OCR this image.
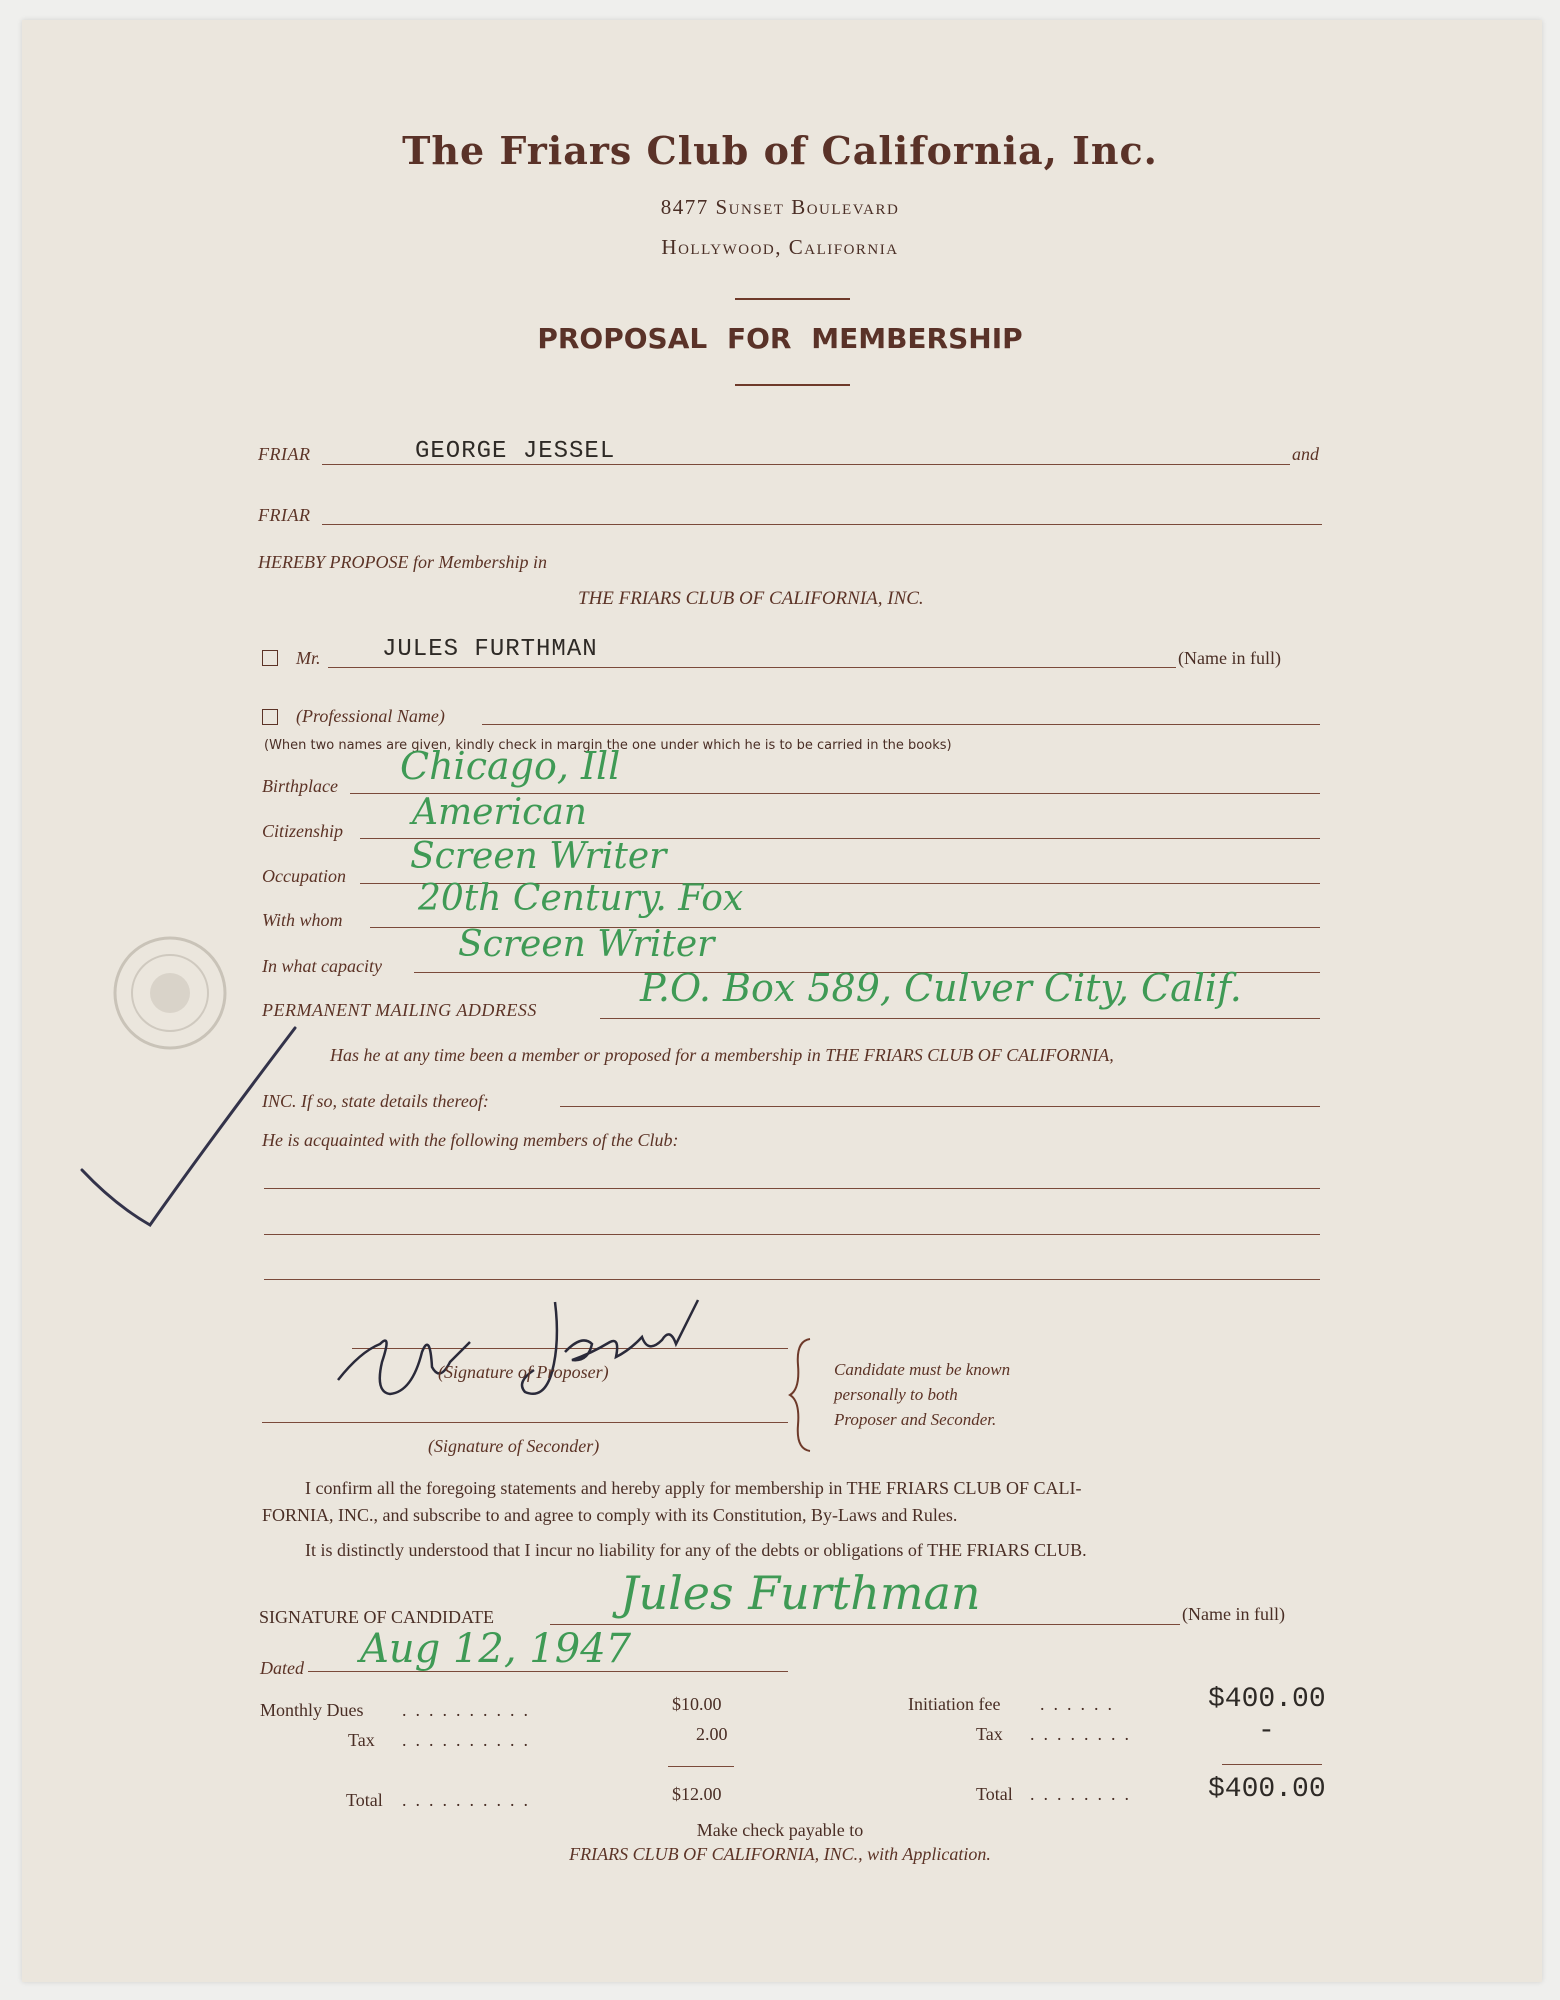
The Friars Club of California, Inc.
8477 Sunset Boulevard
Hollywood, California
PROPOSAL FOR MEMBERSHIP
FRIAR	GEORGE JESSEL	and
FRIAR
HEREBY PROPOSE for Membership in
THE FRIARS CLUB OF CALIFORNIA, INC.
Mr.	JULES FURTHMAN	(Name in full)
(Professional Name)
(When two names are given, kindly check in margin the one under which he is to be carried in the books)
Birthplace Chicago, Ill
Citizenship American
Occupation Screen Writer
With whom
20th Century. Fox
In what capacity
Screen Writer
PERMANENT MAILING ADDRESS	P.O. Box 589, Culver City, Calif.
Has he at any time been a member or proposed for a membership in THE FRIARS CLUB OF CALIFORNIA,
INC. If so, state details thereof:
He is acquainted with the following members of the Club:
(Signature of Proposer)
(Signature of Seconder)
Candidate must be known
personally to both
Proposer and Seconder.
I confirm all the foregoing statements and hereby apply for membership in THE FRIARS CLUB OF CALI-
FORNIA, INC., and subscribe to and agree to comply with its Constitution, By-Laws and Rules.
It is distinctly understood that I incur no liability for any of the debts or obligations of THE FRIARS CLUB.
SIGNATURE OF CANDIDATE	Jules Furthman	(Name in full)
Dated Aug 12, 1947
Monthly Dues ..........	$10.00
Tax ..........	2.00
Total ..........	$12.00
Initiation fee ......	$400.00
Tax ........	-
Total ........	$400.00
Make check payable to
FRIARS CLUB OF CALIFORNIA, INC., with Application.
